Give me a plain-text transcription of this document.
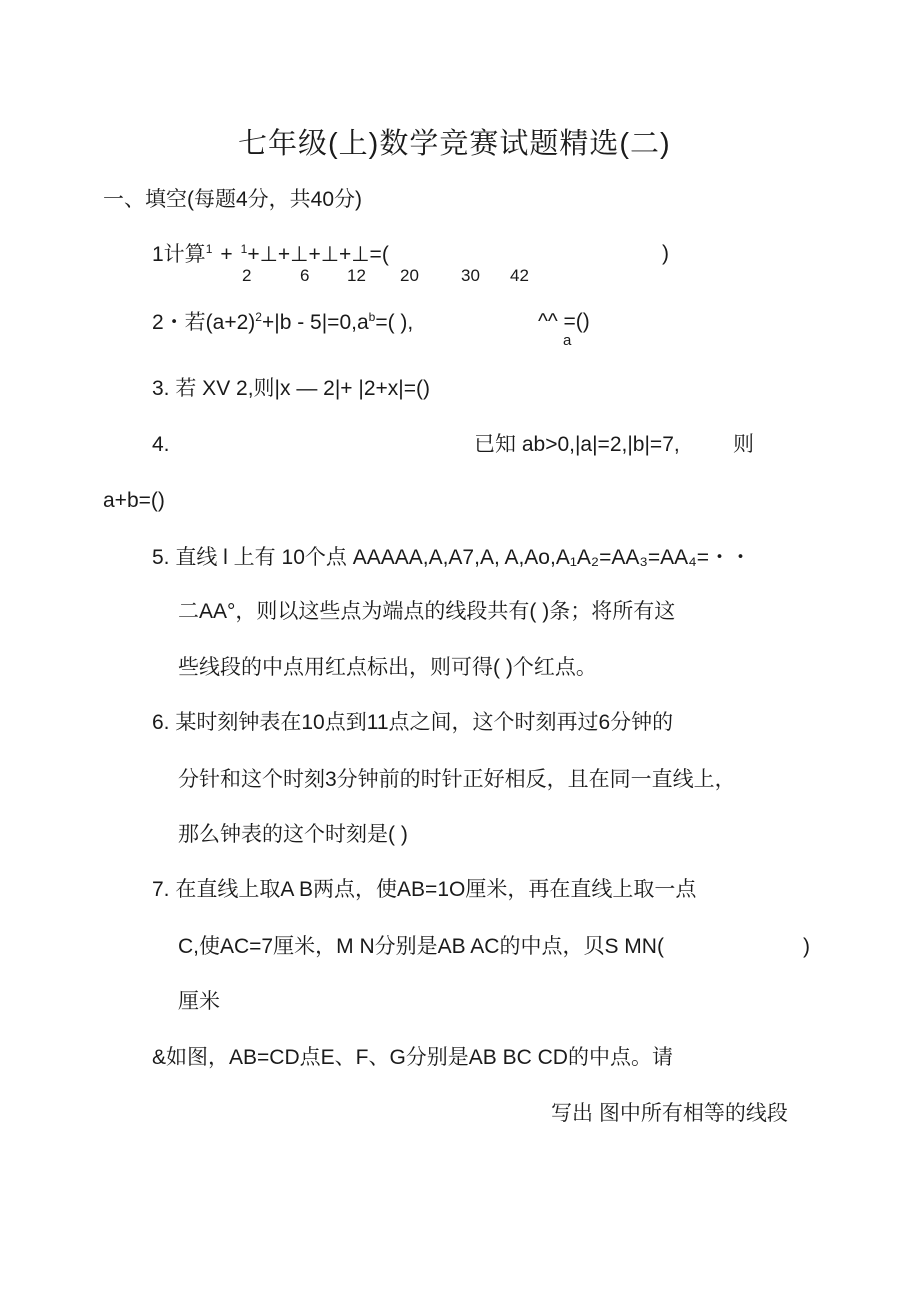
七年级(上)数学竞赛试题精选(二)
一、填空(每题4分，共40分)
1计算$^1$ + $^1$+⊥+⊥+⊥+⊥=(	)
2	6 12 20 30 42
2・若$(a+2)^2+|b - 5|=0,a^b=$( ),	^^ =()
a
3. 若 XV 2,则|x — 2|+ |2+x|=()
4.	已知 ab>0,|a|=2,|b|=7,	则
a+b=()
5. 直线 l 上有 10个点 AAAAA,A,A7,A, A,Ao,A₁A₂=AA₃=AA₄=・・
二AA°，则以这些点为端点的线段共有( )条；将所有这
些线段的中点用红点标出，则可得( )个红点。
6. 某时刻钟表在10点到11点之间，这个时刻再过6分钟的
分针和这个时刻3分钟前的时针正好相反，且在同一直线上，
那么钟表的这个时刻是( )
7. 在直线上取A B两点，使AB=1O厘米，再在直线上取一点
C,使AC=7厘米，M N分别是AB AC的中点，贝S MN(	)
厘米
&如图，AB=CD点E、F、G分别是AB BC CD的中点。请
写出 图中所有相等的线段
